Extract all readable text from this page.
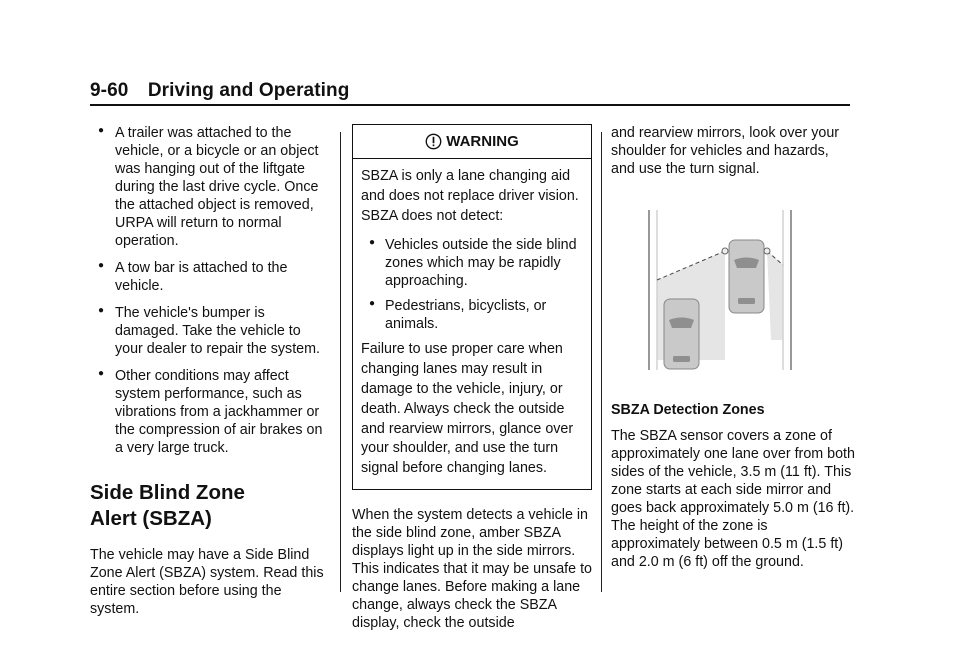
9-60 Driving and Operating
● A trailer was attached to the vehicle, or a bicycle or an object was hanging out of the liftgate during the last drive cycle. Once the attached object is removed, URPA will return to normal operation.
● A tow bar is attached to the vehicle.
● The vehicle's bumper is damaged. Take the vehicle to your dealer to repair the system.
● Other conditions may affect system performance, such as vibrations from a jackhammer or the compression of air brakes on a very large truck.
Side Blind Zone
Alert (SBZA)

The vehicle may have a Side Blind Zone Alert (SBZA) system. Read this entire section before using the system.

WARNING

SBZA is only a lane changing aid and does not replace driver vision. SBZA does not detect:

● Vehicles outside the side blind zones which may be rapidly approaching.
● Pedestrians, bicyclists, or animals.

Failure to use proper care when changing lanes may result in damage to the vehicle, injury, or death. Always check the outside and rearview mirrors, glance over your shoulder, and use the turn signal before changing lanes.

When the system detects a vehicle in the side blind zone, amber SBZA displays light up in the side mirrors. This indicates that it may be unsafe to change lanes. Before making a lane change, always check the SBZA display, check the outside

and rearview mirrors, look over your shoulder for vehicles and hazards, and use the turn signal.

SBZA Detection Zones

The SBZA sensor covers a zone of approximately one lane over from both sides of the vehicle, 3.5 m (11 ft). This zone starts at each side mirror and goes back approximately 5.0 m (16 ft). The height of the zone is approximately between 0.5 m (1.5 ft) and 2.0 m (6 ft) off the ground.
